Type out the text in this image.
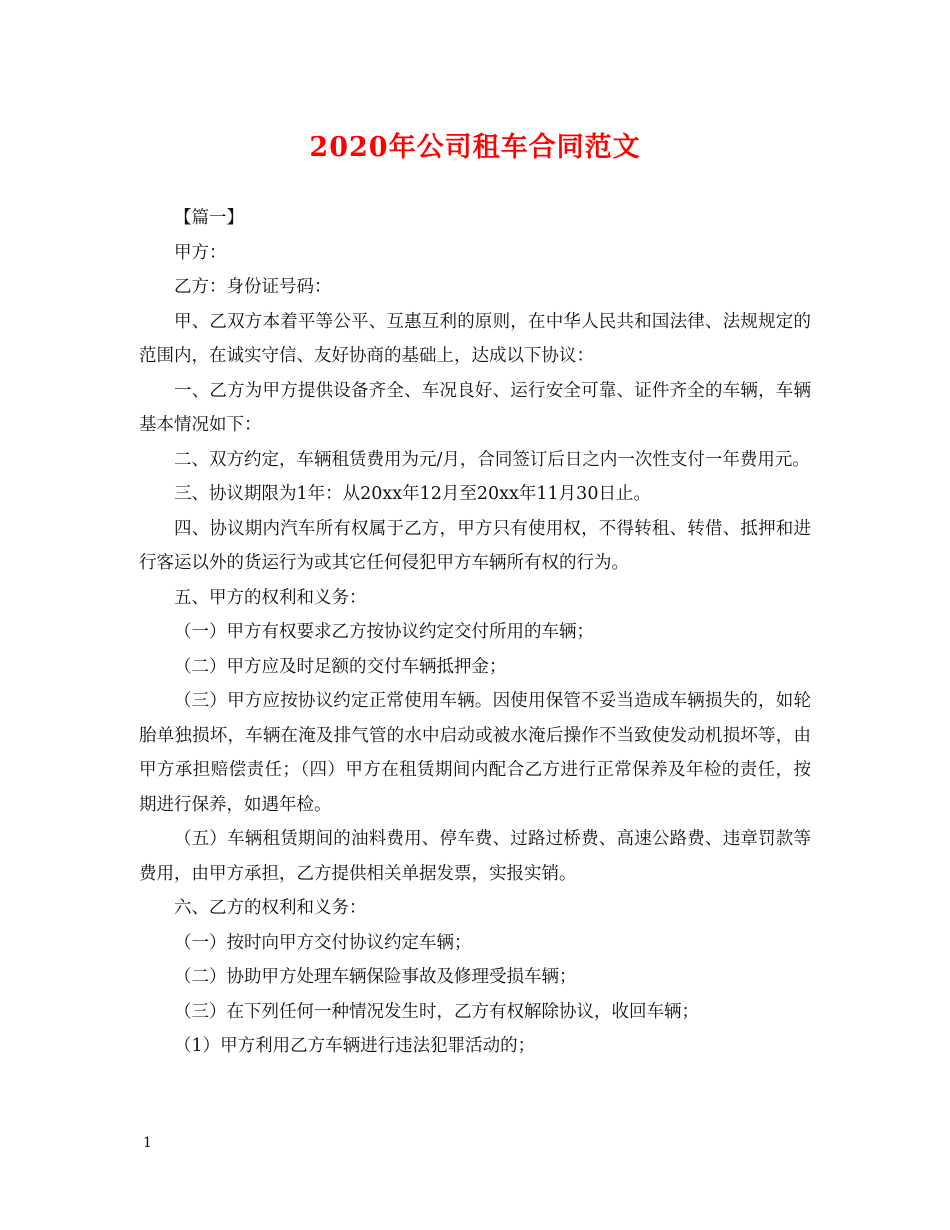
2020年公司租车合同范文

【篇一】

甲方：

乙方：身份证号码：

甲、乙双方本着平等公平、互惠互利的原则，在中华人民共和国法律、法规规定的范围内，在诚实守信、友好协商的基础上，达成以下协议：

一、乙方为甲方提供设备齐全、车况良好、运行安全可靠、证件齐全的车辆，车辆基本情况如下：

二、双方约定，车辆租赁费用为元/月，合同签订后日之内一次性支付一年费用元。

三、协议期限为1年：从20xx年12月至20xx年11月30日止。

四、协议期内汽车所有权属于乙方，甲方只有使用权，不得转租、转借、抵押和进行客运以外的货运行为或其它任何侵犯甲方车辆所有权的行为。

五、甲方的权利和义务：

（一）甲方有权要求乙方按协议约定交付所用的车辆；

（二）甲方应及时足额的交付车辆抵押金；

（三）甲方应按协议约定正常使用车辆。因使用保管不妥当造成车辆损失的，如轮胎单独损坏，车辆在淹及排气管的水中启动或被水淹后操作不当致使发动机损坏等，由甲方承担赔偿责任；（四）甲方在租赁期间内配合乙方进行正常保养及年检的责任，按期进行保养，如遇年检。

（五）车辆租赁期间的油料费用、停车费、过路过桥费、高速公路费、违章罚款等费用，由甲方承担，乙方提供相关单据发票，实报实销。

六、乙方的权利和义务：

（一）按时向甲方交付协议约定车辆；

（二）协助甲方处理车辆保险事故及修理受损车辆；

（三）在下列任何一种情况发生时，乙方有权解除协议，收回车辆；

（1）甲方利用乙方车辆进行违法犯罪活动的；

1
